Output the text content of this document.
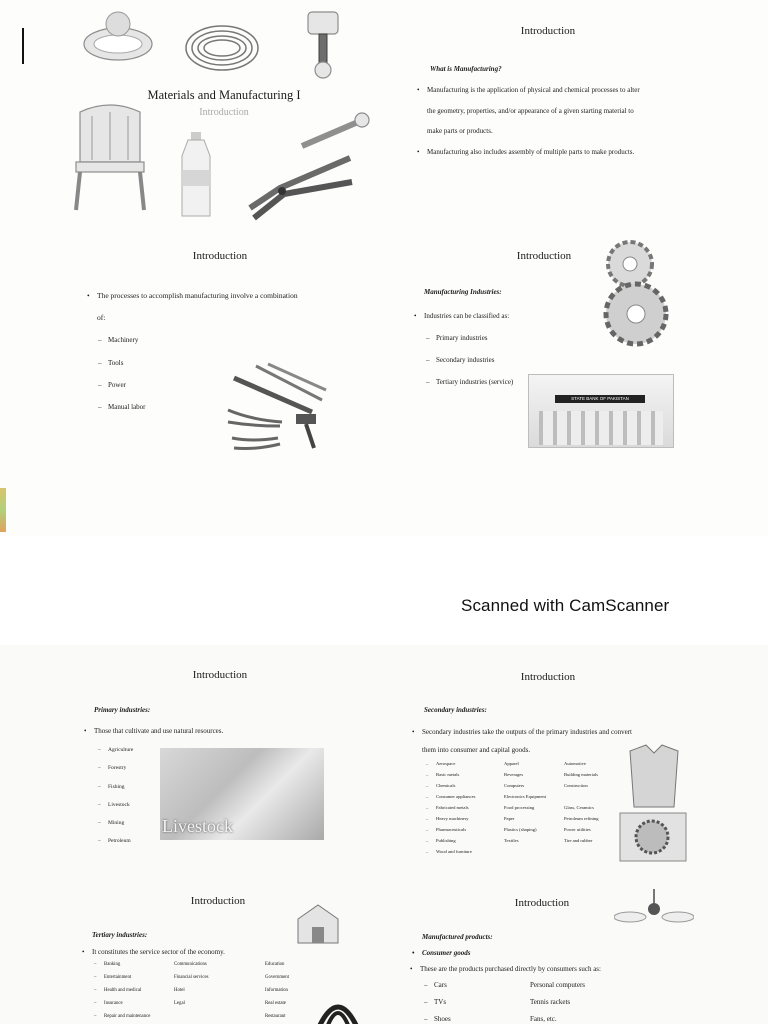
Materials and Manufacturing I
Introduction
Introduction
What is Manufacturing?
• Manufacturing is the application of physical and chemical processes to alter
the geometry, properties, and/or appearance of a given starting material to
make parts or products.
• Manufacturing also includes assembly of multiple parts to make products.
Introduction
• The processes to accomplish manufacturing involve a combination
of:
– Machinery
– Tools
– Power
– Manual labor
Introduction
Manufacturing Industries:
• Industries can be classified as:
– Primary industries
– Secondary industries
– Tertiary industries (service)
STATE BANK OF PAKISTAN
Scanned with CamScanner
Introduction
Primary industries:
• Those that cultivate and use natural resources.
– Agriculture
– Forestry
– Fishing
– Livestock
– Mining
– Petroleum
Livestock
Introduction
Secondary industries:
• Secondary industries take the outputs of the primary industries and convert
them into consumer and capital goods.
– Aerospace
– Basic metals
– Chemicals
– Consumer appliances
– Fabricated metals
– Heavy machinery
– Pharmaceuticals
– Publishing
– Wood and furniture
Apparel
Beverages
Computers
Electronics Equipment
Food processing
Paper
Plastics (shaping)
Textiles
Automotive
Building materials
Construction
Glass, Ceramics
Petroleum refining
Power utilities
Tire and rubber
Introduction
Tertiary industries:
• It constitutes the service sector of the economy.
– Banking
– Entertainment
– Health and medical
– Insurance
– Repair and maintenance
Communications
Financial services
Hotel
Legal
Education
Government
Information
Real estate
Restaurant
Introduction
Manufactured products:
• Consumer goods
• These are the products purchased directly by consumers such as:
– Cars
– TVs
– Shoes
Personal computers
Tennis rackets
Fans, etc.
